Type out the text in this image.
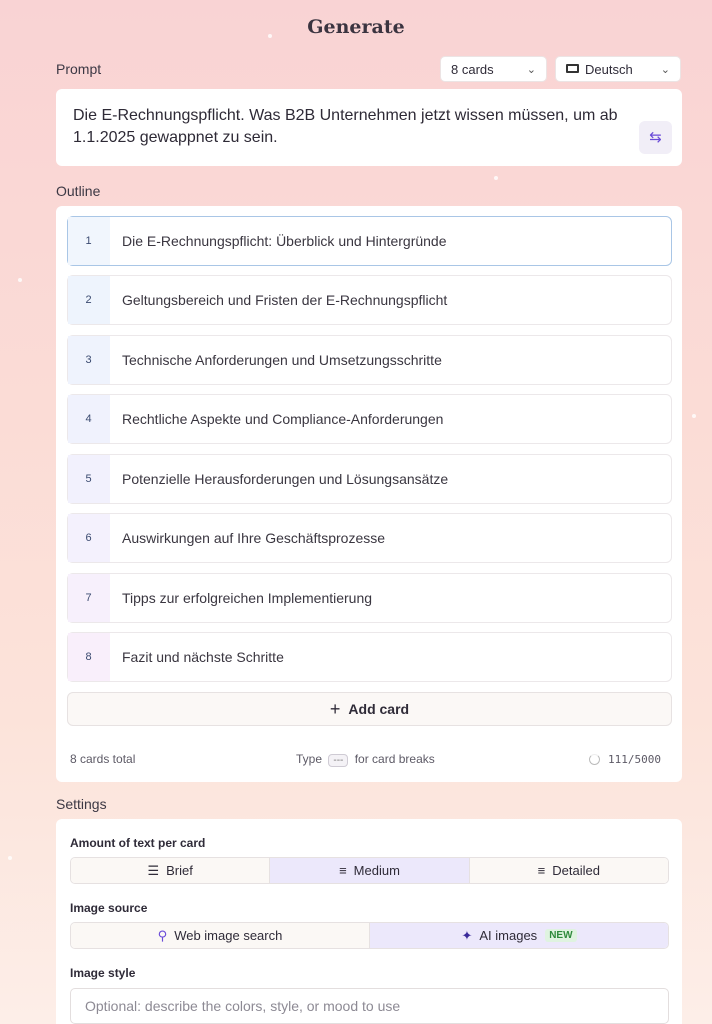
Generate
Prompt	8 cards	⌄	Deutsch	⌄
Die E-Rechnungspflicht. Was B2B Unternehmen jetzt wissen müssen, um ab 1.1.2025 gewappnet zu sein.	⇆
Outline
1	Die E-Rechnungspflicht: Überblick und Hintergründe
2	Geltungsbereich und Fristen der E-Rechnungspflicht
3	Technische Anforderungen und Umsetzungsschritte
4	Rechtliche Aspekte und Compliance-Anforderungen
5	Potenzielle Herausforderungen und Lösungsansätze
6	Auswirkungen auf Ihre Geschäftsprozesse
7	Tipps zur erfolgreichen Implementierung
8	Fazit und nächste Schritte
+ Add card
8 cards total	Type --- for card breaks	111/5000
Settings
Amount of text per card
☰ Brief	≡ Medium	≡ Detailed
Image source
⚲ Web image search	✦ AI images	NEW
Image style
Optional: describe the colors, style, or mood to use
